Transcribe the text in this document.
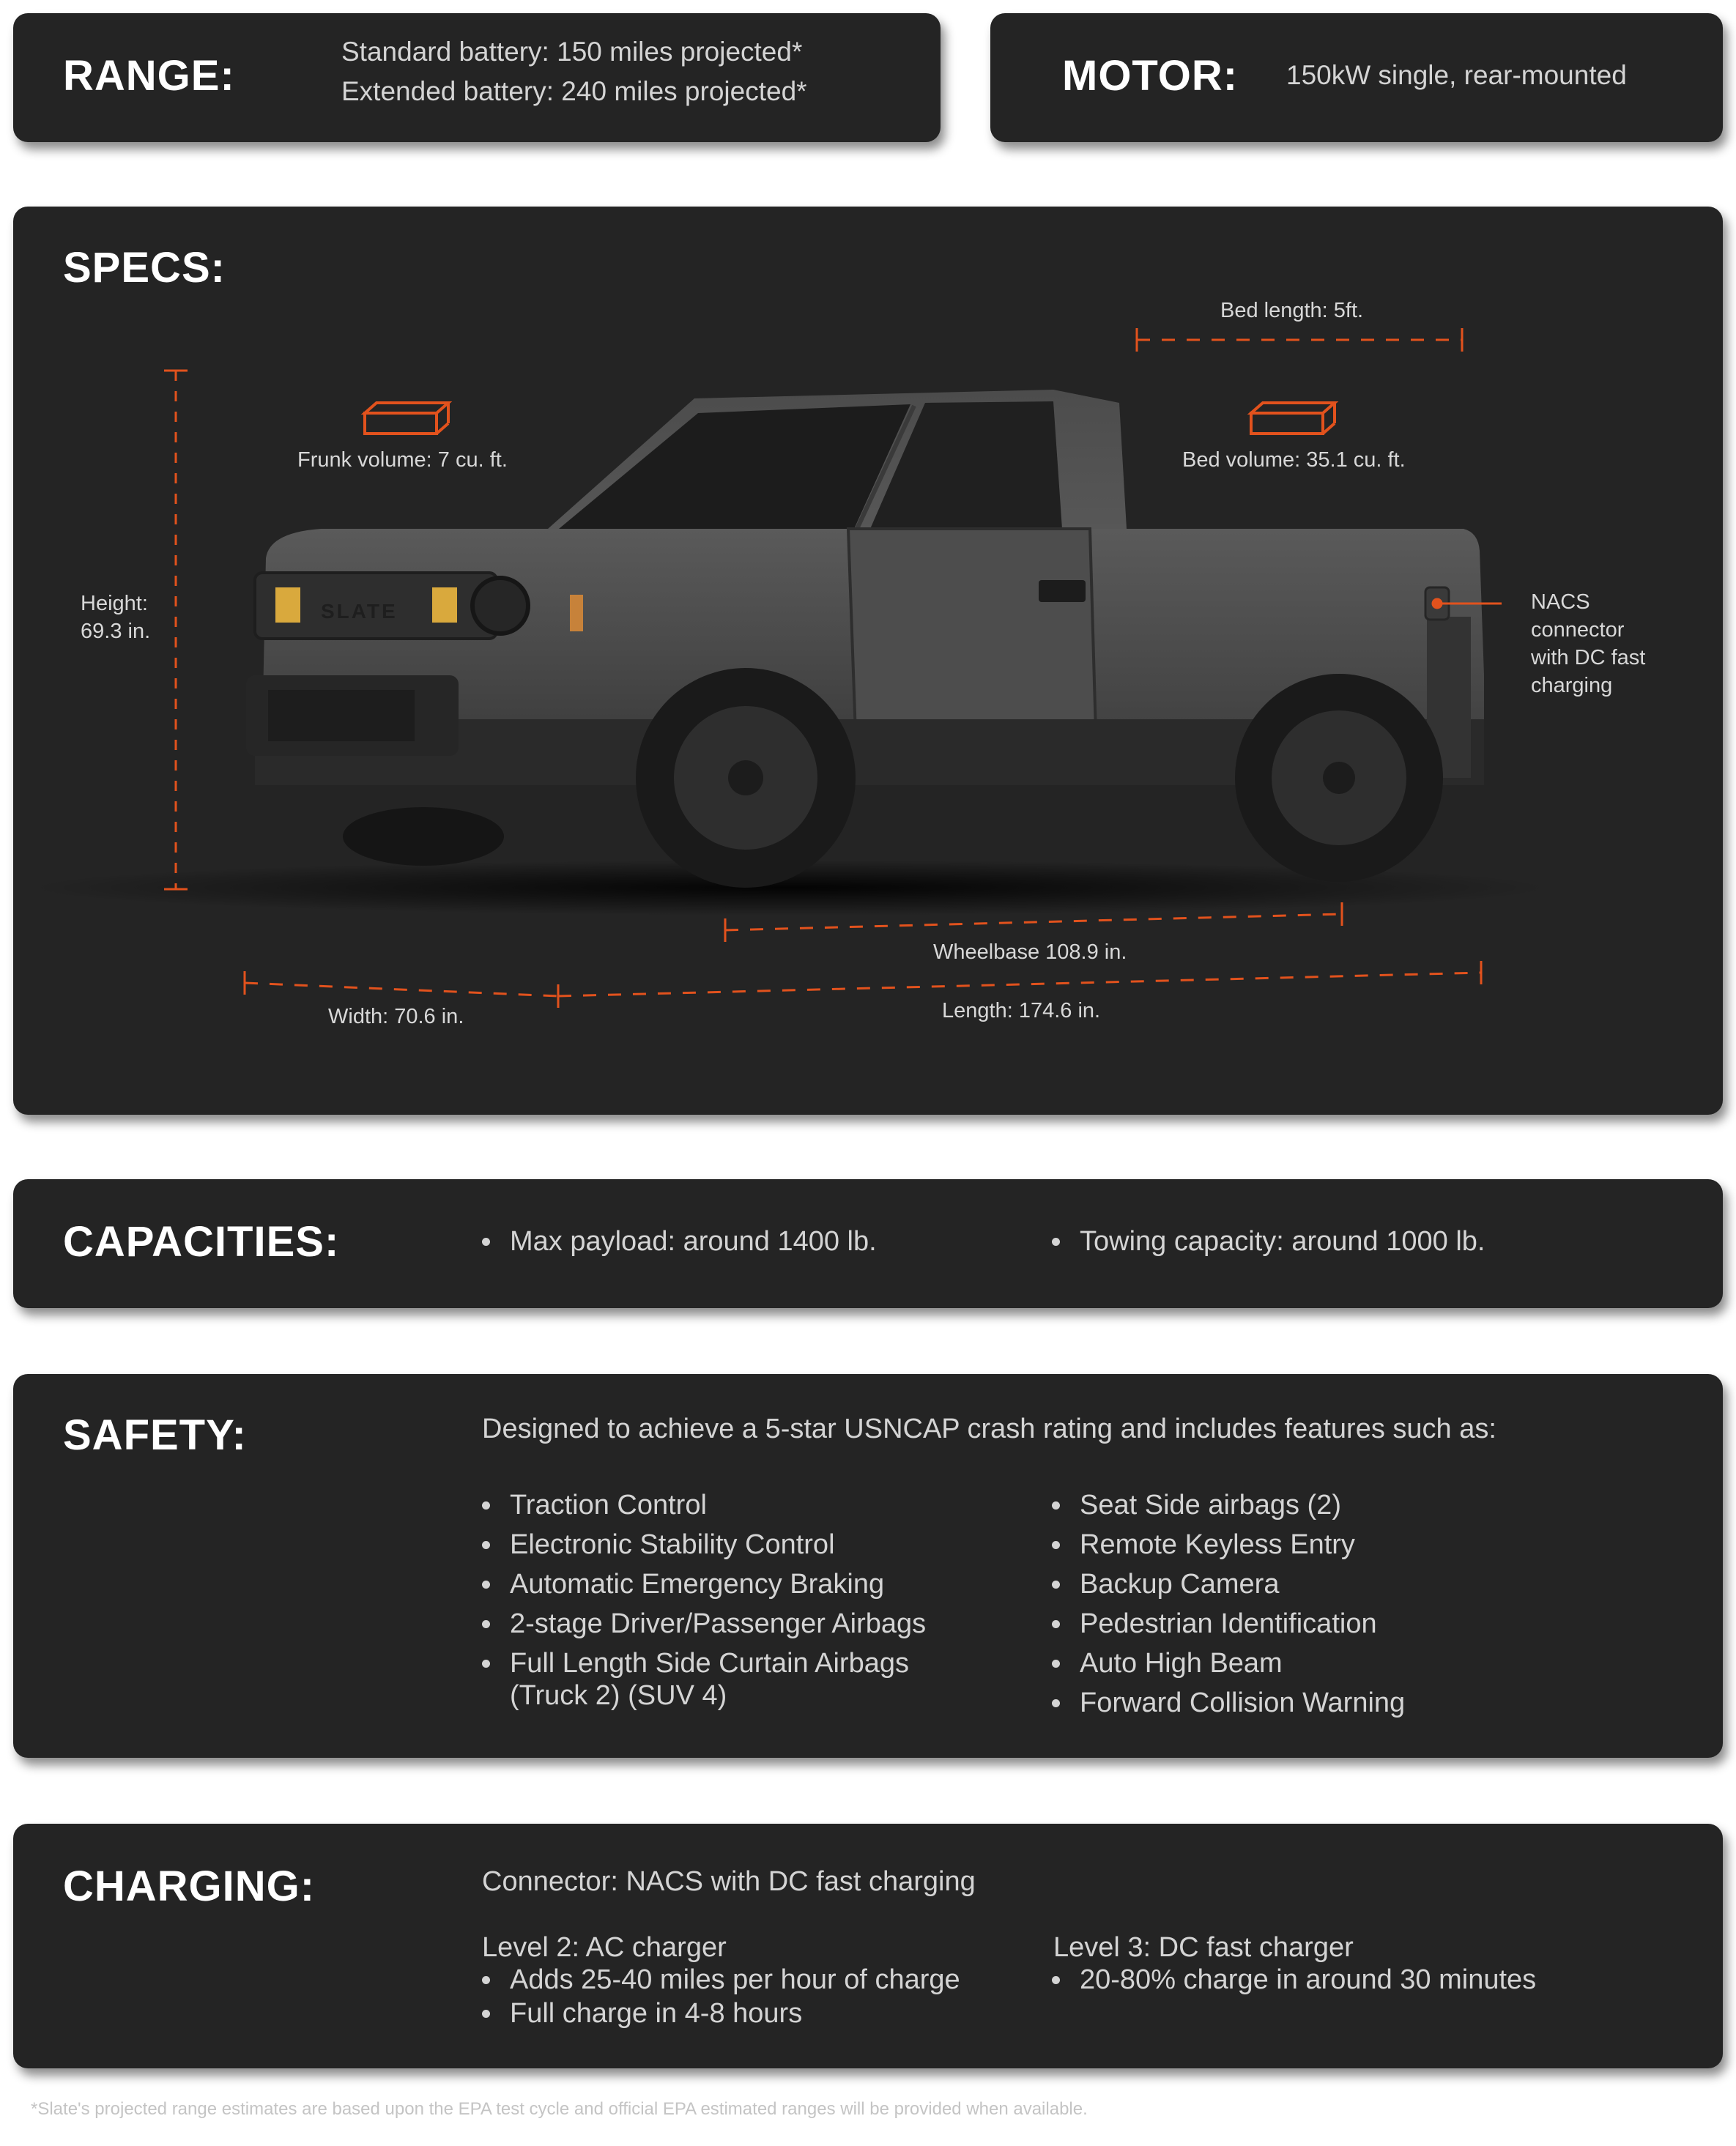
RANGE:
Standard battery: 150 miles projected*
Extended battery: 240 miles projected*	MOTOR: 150kW single, rear-mounted
SPECS:
SLATE
Bed length: 5ft.
Frunk volume: 7 cu. ft.	Bed volume: 35.1 cu. ft.
Height:
69.3 in.
NACS
connector
with DC fast
charging
Wheelbase 108.9 in.
Width: 70.6 in.	Length: 174.6 in.
CAPACITIES:	Max payload: around 1400 lb.	Towing capacity: around 1000 lb.
SAFETY:	Designed to achieve a 5-star USNCAP crash rating and includes features such as:
Traction Control
Electronic Stability Control
Automatic Emergency Braking
2-stage Driver/Passenger Airbags
Full Length Side Curtain Airbags
(Truck 2) (SUV 4)
Seat Side airbags (2)
Remote Keyless Entry
Backup Camera
Pedestrian Identification
Auto High Beam
Forward Collision Warning
CHARGING:	Connector: NACS with DC fast charging
Level 2: AC charger
Adds 25-40 miles per hour of charge
Full charge in 4-8 hours
Level 3: DC fast charger
20-80% charge in around 30 minutes
*Slate's projected range estimates are based upon the EPA test cycle and official EPA estimated ranges will be provided when available.
